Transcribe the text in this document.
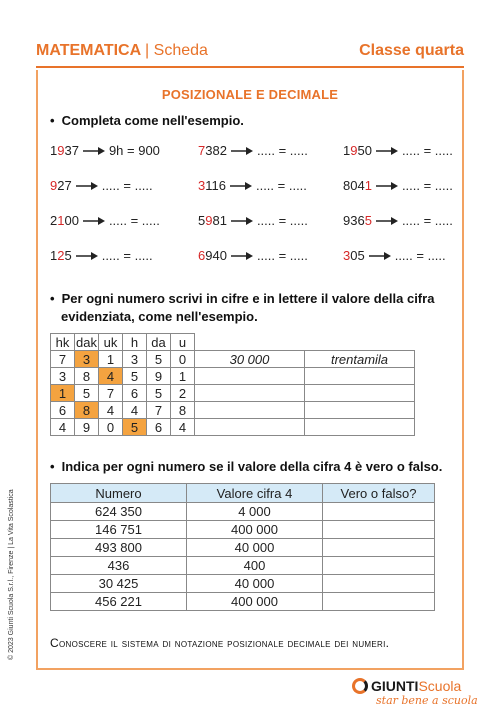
MATEMATICA | Scheda	Classe quarta
POSIZIONALE E DECIMALE
• Completa come nell'esempio.
1937 9h = 900	7382 ..... = .....	1950 ..... = .....
927 ..... = .....	3116 ..... = .....	8041 ..... = .....
2100 ..... = .....	5981 ..... = .....	9365 ..... = .....
125 ..... = .....	6940 ..... = .....	305 ..... = .....
• Per ogni numero scrivi in cifre e in lettere il valore della cifra
evidenziata, come nell'esempio.
hk	dak	uk	h	da	u		
7	3	1	3	5	0	30 000	trentamila
3	8	4	5	9	1		
1	5	7	6	5	2		
6	8	4	4	7	8		
4	9	0	5	6	4		
• Indica per ogni numero se il valore della cifra 4 è vero o falso.
Numero	Valore cifra 4	Vero o falso?
624 350	4 000	
146 751	400 000	
493 800	40 000	
436	400	
30 425	40 000	
456 221	400 000	
Conoscere il sistema di notazione posizionale decimale dei numeri.
© 2023 Giunti Scuola S.r.l., Firenze | La Vita Scolastica
GIUNTIScuola
star bene a scuola
